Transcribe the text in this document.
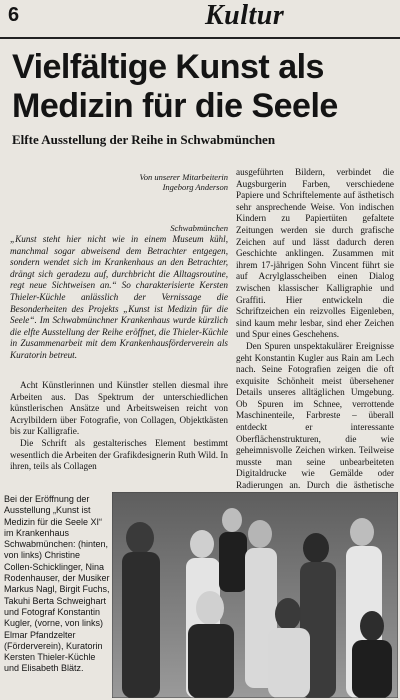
6	Kultur
Vielfältige Kunst als
Medizin für die Seele
Elfte Ausstellung der Reihe in Schwabmünchen
Von unserer Mitarbeiterin
Ingeborg Anderson
Schwabmünchen

„Kunst steht hier nicht wie in einem Museum kühl, manchmal sogar abweisend dem Betrachter entgegen, sondern wendet sich im Krankenhaus an den Betrachter, drängt sich geradezu auf, durchbricht die Alltagsroutine, regt neue Sichtweisen an.“ So charakterisierte Kersten Thieler-Küchle anlässlich der Vernissage die Besonderheiten des Projekts „Kunst ist Medizin für die Seele“. Im Schwabmünchner Krankenhaus wurde kürzlich die elfte Ausstellung der Reihe eröffnet, die Thieler-Küchle in Zusammenarbeit mit dem Krankenhausförderverein als Kuratorin betreut.

Acht Künstlerinnen und Künstler stellen diesmal ihre Arbeiten aus. Das Spektrum der unterschiedlichen künstlerischen Ansätze und Arbeitsweisen reicht von Acrylbildern über Fotografie, von Collagen, Objektkästen bis zur Kalligrafie.

Die Schrift als gestalterisches Element bestimmt wesentlich die Arbeiten der Grafikdesignerin Ruth Wild. In ihren, teils als Collagen

ausgeführten Bildern, verbindet die Augsburgerin Farben, verschiedene Papiere und Schriftelemente auf ästhetisch sehr ansprechende Weise. Von indischen Kindern zu Papiertüten gefaltete Zeitungen werden sie durch grafische Zeichen auf und lässt dadurch deren Geschichte anklingen. Zusammen mit ihrem 17-jährigen Sohn Vincent führt sie auf Acrylglasscheiben einen Dialog zwischen klassischer Kalligraphie und Graffiti. Hier entwickeln die Schriftzeichen ein reizvolles Eigenleben, sind kaum mehr lesbar, sind eher Zeichen und Spur eines Geschehens.

Den Spuren unspektakulärer Ereignisse geht Konstantin Kugler aus Rain am Lech nach. Seine Fotografien zeigen die oft exquisite Schönheit meist übersehener Details unseres alltäglichen Umgebung. Ob Spuren im Schnee, verrottende Maschinenteile, Farbreste – überall entdeckt er interessante Oberflächenstrukturen, die wie geheimnisvolle Zeichen wirken. Teilweise musste man seine unbearbeiteten Digitaldrucke wie Gemälde oder Radierungen an. Durch die ästhetische

Bei der Eröffnung der Ausstellung „Kunst ist Medizin für die Seele XI“ im Krankenhaus Schwabmünchen: (hinten, von links) Christine Collen-Schicklinger, Nina Rodenhauser, der Musiker Markus Nagl, Birgit Fuchs, Takuhi Berta Schweighart und Fotograf Konstantin Kugler, (vorne, von links) Elmar Pfandzelter (Förderverein), Kuratorin Kersten Thieler-Küchle und Elisabeth Blätz.
